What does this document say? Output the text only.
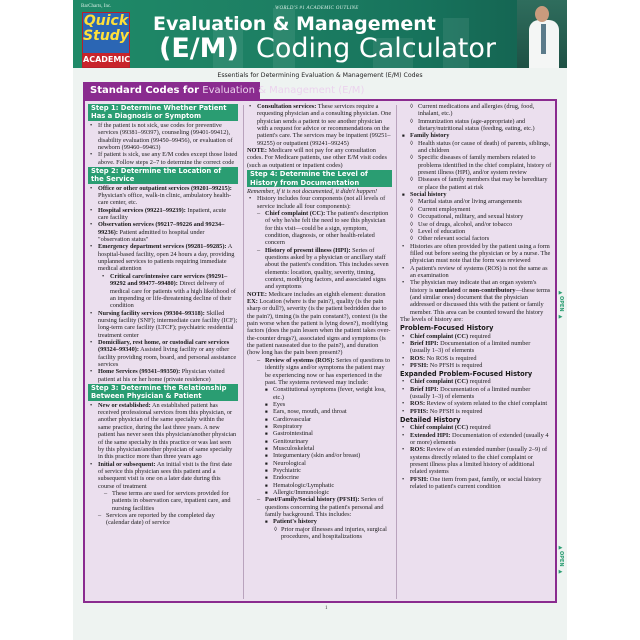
BarCharts, Inc.	WORLD'S #1 ACADEMIC OUTLINE
Quick
Study
ACADEMIC
Evaluation & Management
(E/M) Coding Calculator
Essentials for Determining Evaluation & Management (E/M) Codes
Standard Codes for Evaluation & Management (E/M)
Step 1: Determine Whether Patient Has a Diagnosis or Symptom
• If the patient is not sick, use codes for preventive services (99381–99397), counseling (99401-99412), disability evaluation (99450–99456), or evaluation of newborn (99460–99463)
• If patient is sick, use any E/M codes except those listed above. Follow steps 2–7 to determine the correct code
Step 2: Determine the Location of the Service
• Office or other outpatient services (99201–99215): Physician's office, walk-in clinic, ambulatory health-care center, etc.
• Hospital services (99221–99239): Inpatient, acute care facility
• Observation services (99217–99226 and 99234–99236): Patient admitted to hospital under "observation status"
• Emergency department services (99281–99285): A hospital-based facility, open 24 hours a day, providing unplanned services to patients requiring immediate medical attention
• Critical care/intensive care services (99291–99292 and 99477–99480): Direct delivery of medical care for patients with a high likelihood of an impending or life-threatening decline of their condition
• Nursing facility services (99304–99318): Skilled nursing facility (SNF); intermediate care facility (ICF); long-term care facility (LTCF); psychiatric residential treatment center
• Domiciliary, rest home, or custodial care services (99324–99340): Assisted living facility or any other facility providing room, board, and personal assistance services
• Home Services (99341–99350): Physician visited patient at his or her home (private residence)
Step 3: Determine the Relationship Between Physician & Patient
• New or established: An established patient has received professional services from this physician, or another physician of the same specialty within the same practice, during the last three years. A new patient has never seen this physician/another physician of the same specialty in this practice or was last seen by this physician/another physician of same specialty in this practice more than three years ago
• Initial or subsequent: An initial visit is the first date of service this physician sees this patient and a subsequent visit is one on a later date during this course of treatment
– These terms are used for services provided for patients in observation care, inpatient care, and nursing facilities
– Services are reported by the completed day (calendar date) of service
• Consultation services: These services require a requesting physician and a consulting physician. One physician sends a patient to see another physician with a request for advice or recommendations on the patient's care. The services may be inpatient (99251–99255) or outpatient (99241–99245)
NOTE: Medicare will not pay for any consultation codes. For Medicare patients, use other E/M visit codes (such as outpatient or inpatient codes)
Step 4: Determine the Level of History from Documentation
Remember, if it is not documented, it didn't happen!
• History includes four components (not all levels of service include all four components):
– Chief complaint (CC): The patient's description of why he/she felt the need to see this physician for this visit—could be a sign, symptom, condition, diagnosis, or other health-related concern
– History of present illness (HPI): Series of questions asked by a physician or ancillary staff about the patient's condition. This includes seven elements: location, quality, severity, timing, context, modifying factors, and associated signs and symptoms
NOTE: Medicare includes an eighth element: duration EX: Location (where is the pain?), quality (is the pain sharp or dull?), severity (is the patient bedridden due to the pain?), timing (is the pain constant?), context (is the pain worse when the patient is lying down?), modifying factors (does the pain lessen when the patient takes over-the-counter drugs?), associated signs and symptoms (is the patient nauseated due to the pain?), and duration (how long has the pain been present?)
– Review of systems (ROS): Series of questions to identify signs and/or symptoms the patient may be experiencing now or has experienced in the past. The systems reviewed may include:
■ Constitutional symptoms (fever, weight loss, etc.)
■ Eyes
■ Ears, nose, mouth, and throat
■ Cardiovascular
■ Respiratory
■ Gastrointestinal
■ Genitourinary
■ Musculoskeletal
■ Integumentary (skin and/or breast)
■ Neurological
■ Psychiatric
■ Endocrine
■ Hematologic/Lymphatic
■ Allergic/Immunologic
– Past/Family/Social history (PFSH): Series of questions concerning the patient's personal and family background. This includes:
■ Patient's history
◊ Prior major illnesses and injuries, surgical procedures, and hospitalizations
◊ Current medications and allergies (drug, food, inhalant, etc.)
◊ Immunization status (age-appropriate) and dietary/nutritional status (feeding, eating, etc.)
■ Family history
◊ Health status (or cause of death) of parents, siblings, and children
◊ Specific diseases of family members related to problems identified in the chief complaint, history of present illness (HPI), and/or system review
◊ Diseases of family members that may be hereditary or place the patient at risk
■ Social history
◊ Marital status and/or living arrangements
◊ Current employment
◊ Occupational, military, and sexual history
◊ Use of drugs, alcohol, and/or tobacco
◊ Level of education
◊ Other relevant social factors
• Histories are often provided by the patient using a form filled out before seeing the physician or by a nurse. The physician must note that the form was reviewed
• A patient's review of systems (ROS) is not the same as an examination
• The physician may indicate that an organ system's history is unrelated or non-contributory—these terms (and similar ones) document that the physician addressed or discussed this with the patient or family member. This area can be counted toward the history
The levels of history are:
Problem-Focused History
• Chief complaint (CC) required
• Brief HPI: Documentation of a limited number (usually 1–3) of elements
• ROS: No ROS is required
• PFSH: No PFSH is required
Expanded Problem-Focused History
• Chief complaint (CC) required
• Brief HPI: Documentation of a limited number (usually 1–3) of elements
• ROS: Review of system related to the chief complaint
• PFHS: No PFSH is required
Detailed History
• Chief complaint (CC) required
• Extended HPI: Documentation of extended (usually 4 or more) elements
• ROS: Review of an extended number (usually 2–9) of systems directly related to the chief complaint or present illness plus a limited history of additional related systems
• PFSH: One item from past, family, or social history related to patient's current condition
▶
OPEN
▶
▶
OPEN
▶
1
